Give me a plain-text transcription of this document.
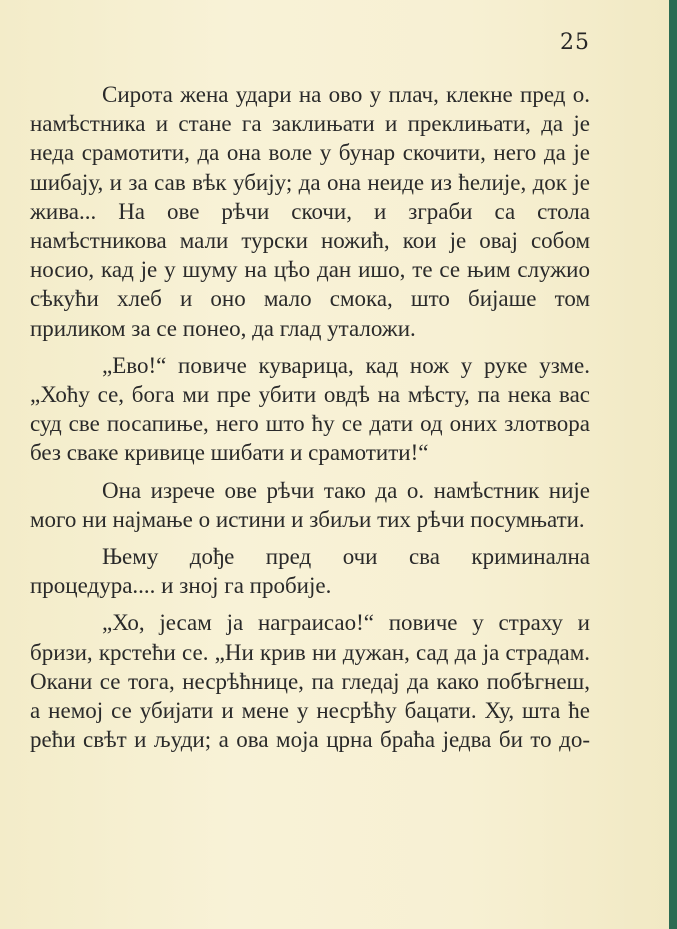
25

Сирота жена удари на ово у плач, клекне пред о. намѣстника и стане га заклињати и преклињати, да је неда срамотити, да она воле у бунар скочити, него да је шибају, и за сав вѣк убију; да она неиде из ћелије, док је жива... На ове рѣчи скочи, и зграби са стола намѣстникова мали турски ножић, кои је овај собом носио, кад је у шуму на цѣо дан ишо, те се њим служио сѣкући хлеб и оно мало смока, што бијаше том приликом за се понео, да глад уталожи.

„Ево!“ повиче куварица, кад нож у руке узме. „Хоћу се, бога ми пре убити овдѣ на мѣсту, па нека вас суд све посапиње, него што ћу се дати од оних злотвора без сваке кривице шибати и срамотити!“

Она изрече ове рѣчи тако да о. намѣстник није мого ни најмање о истини и збиљи тих рѣчи посумњати.

Њему дође пред очи сва криминална процедура.... и зној га пробије.

„Хо, јесам ја награисао!“ повиче у страху и бризи, крстећи се. „Ни крив ни дужан, сад да ја страдам. Окани се тога, несрѣћнице, па гледај да како побѣгнеш, а немој се убијати и мене у несрѣћу бацати. Ху, шта ће рећи свѣт и људи; а ова моја црна браћа једва би то до-
